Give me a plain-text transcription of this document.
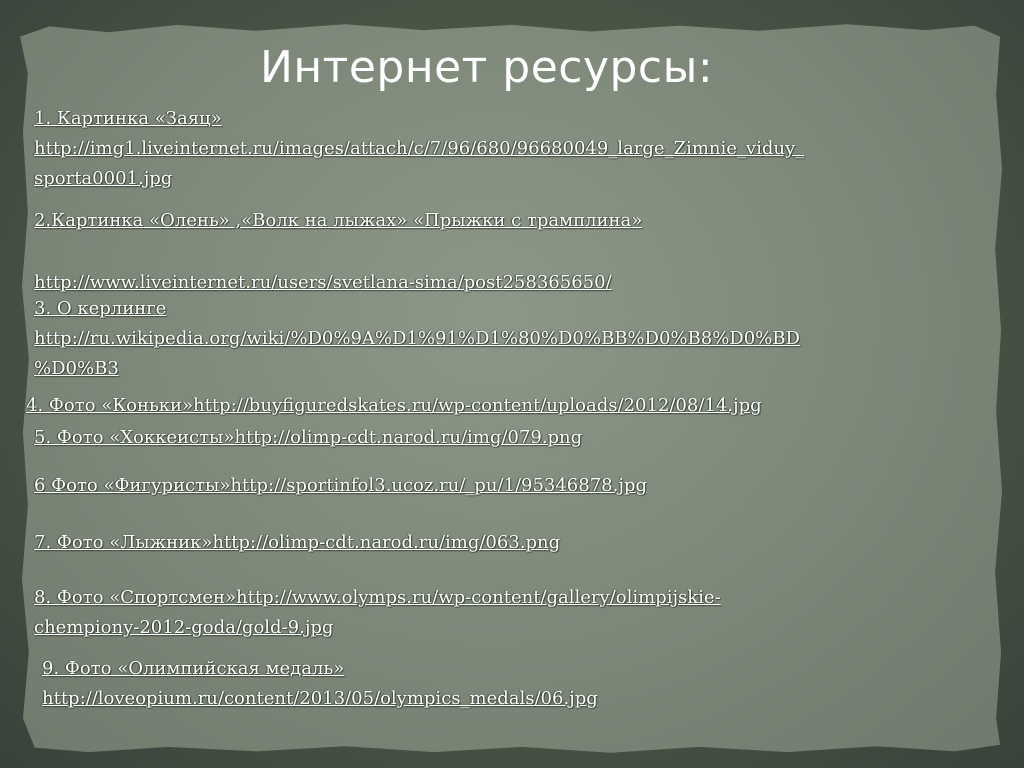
Интернет ресурсы:

1. Картинка «Заяц»

http://img1.liveinternet.ru/images/attach/c/7/96/680/96680049_large_Zimnie_viduy_

sporta0001.jpg

2.Картинка «Олень» ,«Волк на лыжах» «Прыжки с трамплина»

http://www.liveinternet.ru/users/svetlana-sima/post258365650/

3. О керлинге

http://ru.wikipedia.org/wiki/%D0%9A%D1%91%D1%80%D0%BB%D0%B8%D0%BD

%D0%B3

4. Фото «Коньки»http://buyfiguredskates.ru/wp-content/uploads/2012/08/14.jpg

5. Фото «Хоккеисты»http://olimp-cdt.narod.ru/img/079.png

6 Фото «Фигуристы»http://sportinfol3.ucoz.ru/_pu/1/95346878.jpg

7. Фото «Лыжник»http://olimp-cdt.narod.ru/img/063.png

8. Фото «Спортсмен»http://www.olymps.ru/wp-content/gallery/olimpijskie-

chempiony-2012-goda/gold-9.jpg

9. Фото «Олимпийская медаль»

http://loveopium.ru/content/2013/05/olympics_medals/06.jpg
